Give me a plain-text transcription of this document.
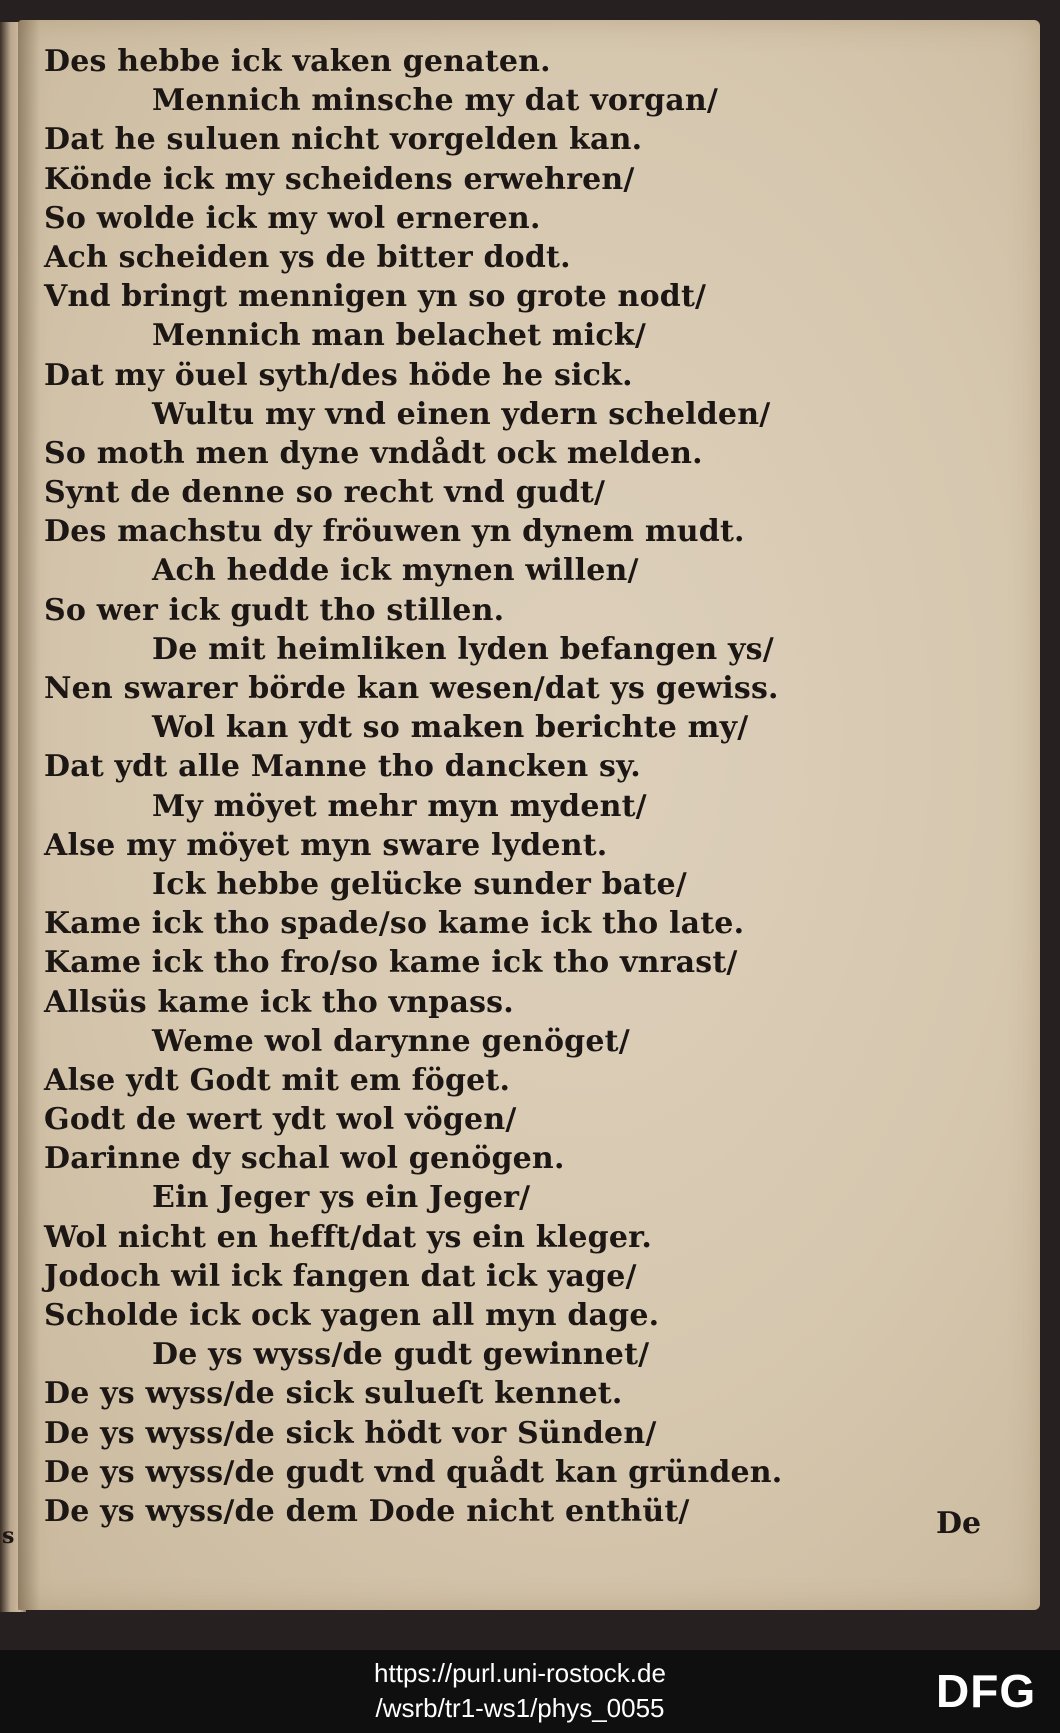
Des hebbe ick vaken genaten.
Mennich minsche my dat vorgan/
Dat he suluen nicht vorgelden kan.
Könde ick my scheidens erwehren/
So wolde ick my wol erneren.
Ach scheiden ys de bitter dodt.
Vnd bringt mennigen yn so grote nodt/
Mennich man belachet mick/
Dat my öuel syth/des höde he sick.
Wultu my vnd einen ydern schelden/
So moth men dyne vndådt ock melden.
Synt de denne so recht vnd gudt/
Des machstu dy fröuwen yn dynem mudt.
Ach hedde ick mynen willen/
So wer ick gudt tho stillen.
De mit heimliken lyden befangen ys/
Nen swarer börde kan wesen/dat ys gewiss.
Wol kan ydt so maken berichte my/
Dat ydt alle Manne tho dancken sy.
My möyet mehr myn mydent/
Alse my möyet myn sware lydent.
Ick hebbe gelücke sunder bate/
Kame ick tho spade/so kame ick tho late.
Kame ick tho fro/so kame ick tho vnrast/
Allsüs kame ick tho vnpass.
Weme wol darynne genöget/
Alse ydt Godt mit em föget.
Godt de wert ydt wol vögen/
Darinne dy schal wol genögen.
Ein Jeger ys ein Jeger/
Wol nicht en hefft/dat ys ein kleger.
Jodoch wil ick fangen dat ick yage/
Scholde ick ock yagen all myn dage.
De ys wyss/de gudt gewinnet/
De ys wyss/de sick sulueſt kennet.
De ys wyss/de sick hödt vor Sünden/
De ys wyss/de gudt vnd quådt kan gründen.
De ys wyss/de dem Dode nicht enthüt/	De
s
https://purl.uni-rostock.de
/wsrb/tr1-ws1/phys_0055	DFG
